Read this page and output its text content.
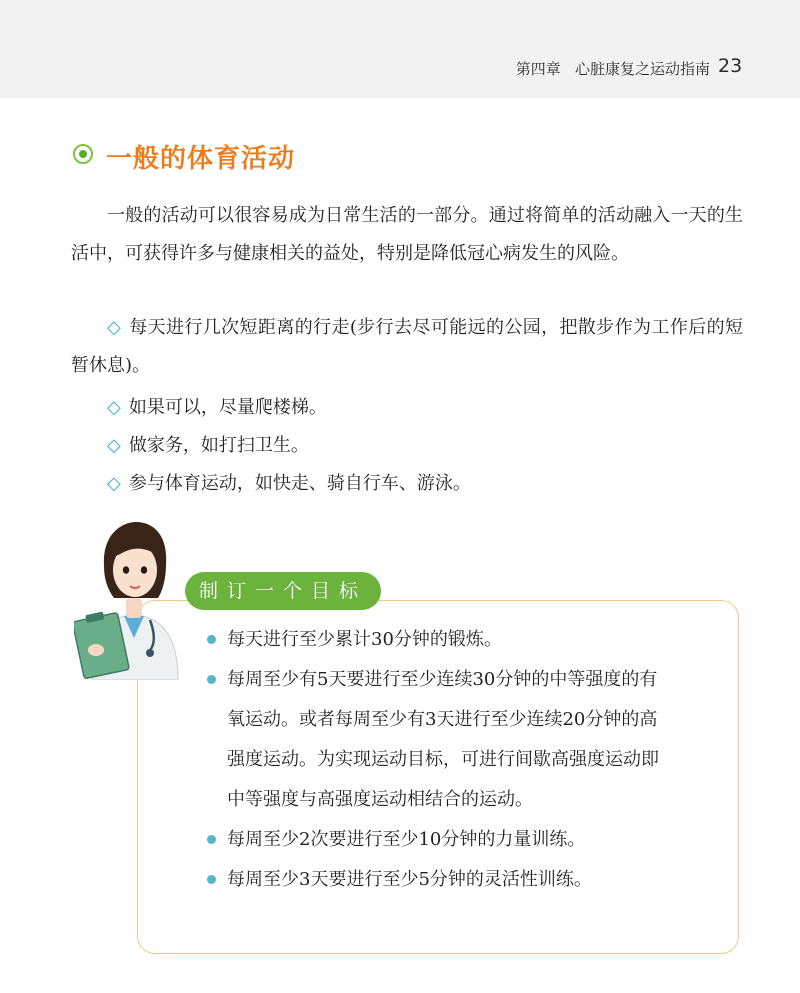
第四章   心脏康复之运动指南 23
一般的体育活动
一般的活动可以很容易成为日常生活的一部分。通过将简单的活动融入一天的生活中，可获得许多与健康相关的益处，特别是降低冠心病发生的风险。
◇ 每天进行几次短距离的行走(步行去尽可能远的公园，把散步作为工作后的短暂休息)。
◇ 如果可以，尽量爬楼梯。
◇ 做家务，如打扫卫生。
◇ 参与体育运动，如快走、骑自行车、游泳。
制订一个目标
每天进行至少累计30分钟的锻炼。
每周至少有5天要进行至少连续30分钟的中等强度的有氧运动。或者每周至少有3天进行至少连续20分钟的高强度运动。为实现运动目标，可进行间歇高强度运动即中等强度与高强度运动相结合的运动。
每周至少2次要进行至少10分钟的力量训练。
每周至少3天要进行至少5分钟的灵活性训练。
